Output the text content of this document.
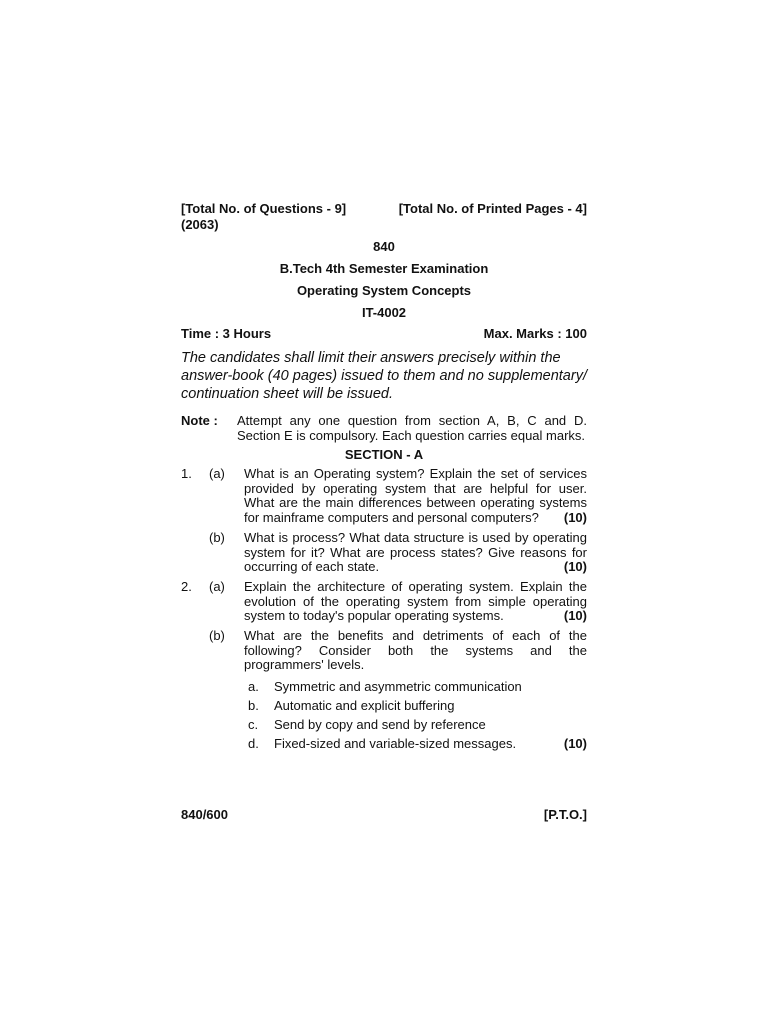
[Total No. of Questions - 9]	[Total No. of Printed Pages - 4]
(2063)
840
B.Tech 4th Semester Examination
Operating System Concepts
IT-4002
Time : 3 Hours	Max. Marks : 100
The candidates shall limit their answers precisely within the answer-book (40 pages) issued to them and no supplementary/ continuation sheet will be issued.
Note :	Attempt any one question from section A, B, C and D. Section E is compulsory. Each question carries equal marks.
SECTION - A
1.	(a)	What is an Operating system? Explain the set of services provided by operating system that are helpful for user. What are the main differences between operating systems for mainframe computers and personal computers? (10)
(b)	What is process? What data structure is used by operating system for it? What are process states? Give reasons for occurring of each state.	(10)
2.	(a)	Explain the architecture of operating system. Explain the evolution of the operating system from simple operating system to today's popular operating systems.	(10)
(b)	What are the benefits and detriments of each of the following? Consider both the systems and the programmers' levels.
a.	Symmetric and asymmetric communication
b.	Automatic and explicit buffering
c.	Send by copy and send by reference
d.	Fixed-sized and variable-sized messages.	(10)
840/600	[P.T.O.]
